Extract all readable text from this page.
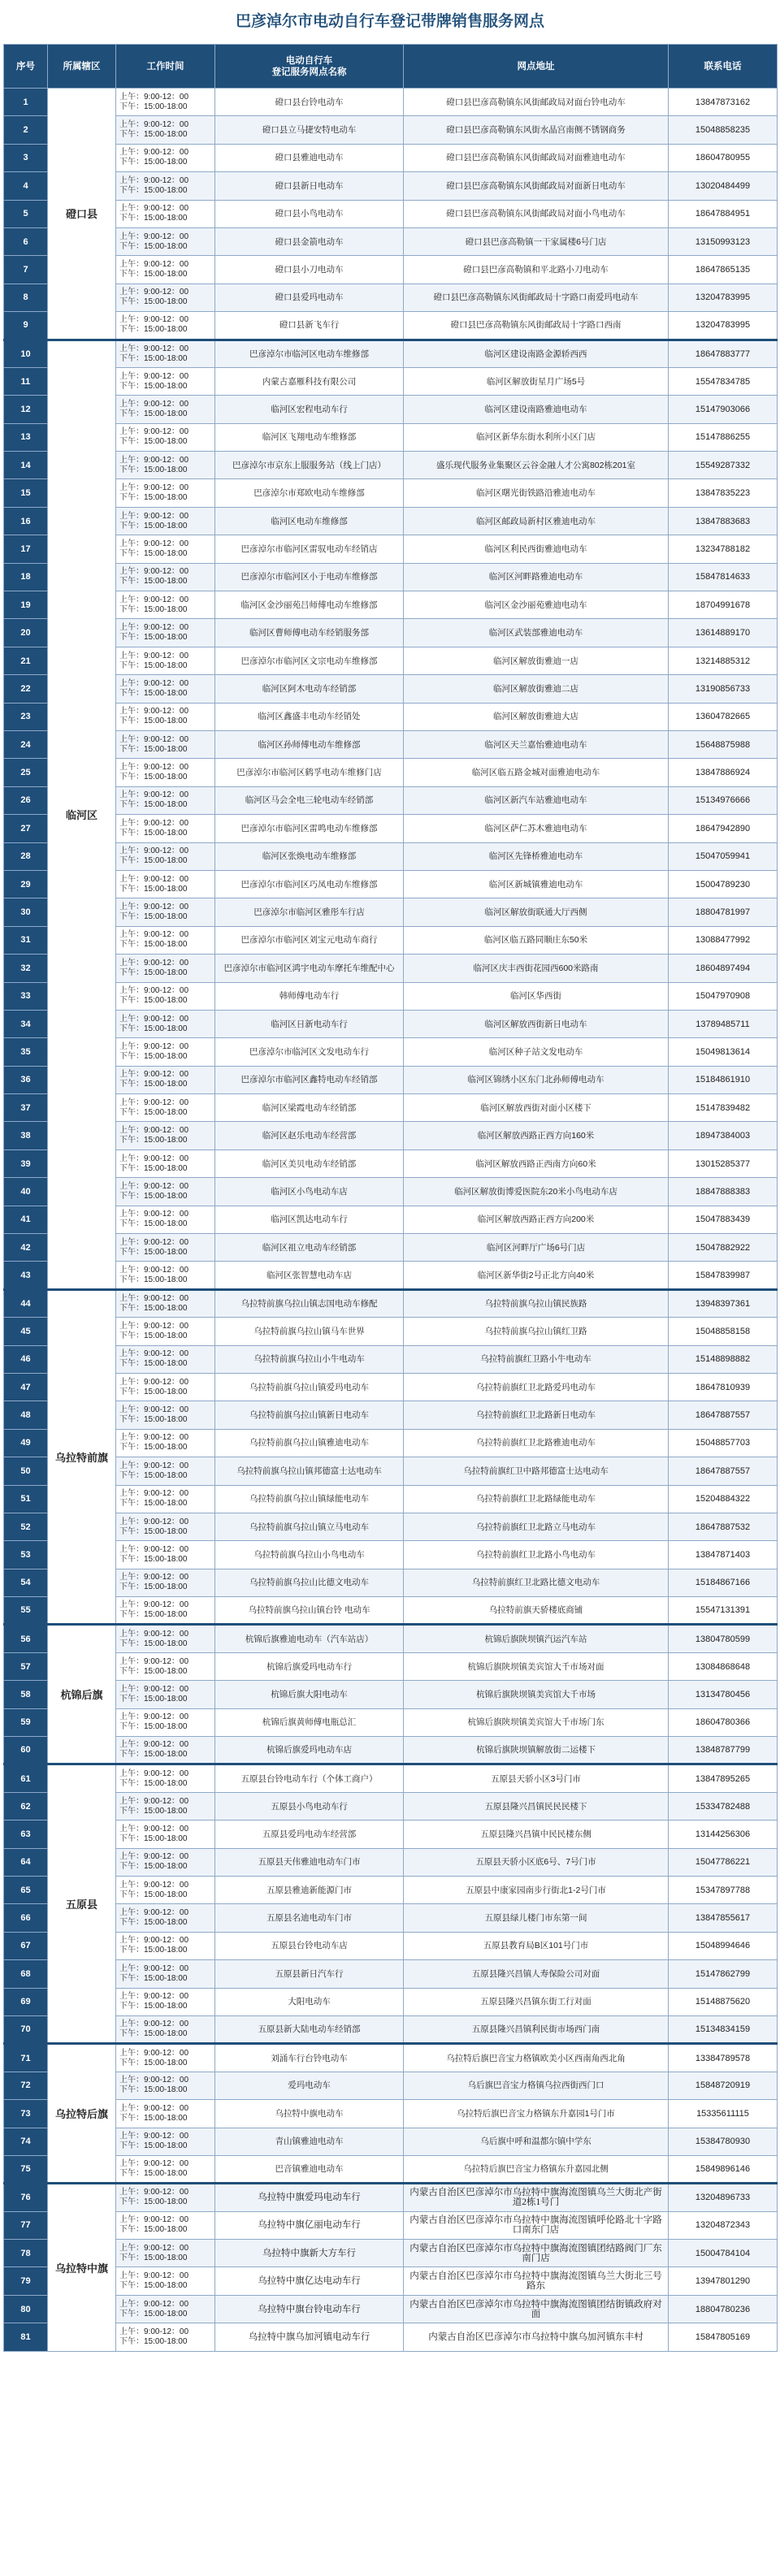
巴彦淖尔市电动自行车登记带牌销售服务网点
序号	所属辖区	工作时间	电动自行车
登记服务网点名称	网点地址	联系电话
1	磴口县	上午：9:00-12：00
下午：15:00-18:00	磴口县台铃电动车	磴口县巴彦高勒镇东风街邮政局对面台铃电动车	13847873162
2		上午：9:00-12：00
下午：15:00-18:00	磴口县立马捷安特电动车	磴口县巴彦高勒镇东风街水晶宫南侧不锈钢商务	15048858235
3		上午：9:00-12：00
下午：15:00-18:00	磴口县雅迪电动车	磴口县巴彦高勒镇东风街邮政局对面雅迪电动车	18604780955
4		上午：9:00-12：00
下午：15:00-18:00	磴口县新日电动车	磴口县巴彦高勒镇东风街邮政局对面新日电动车	13020484499
5		上午：9:00-12：00
下午：15:00-18:00	磴口县小鸟电动车	磴口县巴彦高勒镇东风街邮政局对面小鸟电动车	18647884951
6		上午：9:00-12：00
下午：15:00-18:00	磴口县金箭电动车	磴口县巴彦高勒镇一干家属楼6号门店	13150993123
7		上午：9:00-12：00
下午：15:00-18:00	磴口县小刀电动车	磴口县巴彦高勒镇和平北路小刀电动车	18647865135
8		上午：9:00-12：00
下午：15:00-18:00	磴口县爱玛电动车	磴口县巴彦高勒镇东风街邮政局十字路口南爱玛电动车	13204783995
9		上午：9:00-12：00
下午：15:00-18:00	磴口县新飞车行	磴口县巴彦高勒镇东风街邮政局十字路口西南	13204783995
10	临河区	上午：9:00-12：00
下午：15:00-18:00	巴彦淖尔市临河区电动车维修部	临河区建设南路金源轿西西	18647883777
11		上午：9:00-12：00
下午：15:00-18:00	内蒙古嘉雁科技有限公司	临河区解放街星月广场5号	15547834785
12		上午：9:00-12：00
下午：15:00-18:00	临河区宏程电动车行	临河区建设南路雅迪电动车	15147903066
13		上午：9:00-12：00
下午：15:00-18:00	临河区飞翔电动车维修部	临河区新华东街水利所小区门店	15147886255
14		上午：9:00-12：00
下午：15:00-18:00	巴彦淖尔市京东上服服务站（线上门店）	盛乐现代服务业集聚区云谷金融人才公寓802栋201室	15549287332
15		上午：9:00-12：00
下午：15:00-18:00	巴彦淖尔市郑欧电动车维修部	临河区曙光街铁路沿雅迪电动车	13847835223
16		上午：9:00-12：00
下午：15:00-18:00	临河区电动车维修部	临河区邮政局新村区雅迪电动车	13847883683
17		上午：9:00-12：00
下午：15:00-18:00	巴彦淖尔市临河区雷驭电动车经销店	临河区利民西街雅迪电动车	13234788182
18		上午：9:00-12：00
下午：15:00-18:00	巴彦淖尔市临河区小于电动车维修部	临河区河畔路雅迪电动车	15847814633
19		上午：9:00-12：00
下午：15:00-18:00	临河区金沙丽苑吕师傅电动车维修部	临河区金沙丽苑雅迪电动车	18704991678
20		上午：9:00-12：00
下午：15:00-18:00	临河区曹师傅电动车经销服务部	临河区武装部雅迪电动车	13614889170
21		上午：9:00-12：00
下午：15:00-18:00	巴彦淖尔市临河区文宗电动车维修部	临河区解放街雅迪一店	13214885312
22		上午：9:00-12：00
下午：15:00-18:00	临河区阿木电动车经销部	临河区解放街雅迪二店	13190856733
23		上午：9:00-12：00
下午：15:00-18:00	临河区鑫盛丰电动车经销处	临河区解放街雅迪大店	13604782665
24		上午：9:00-12：00
下午：15:00-18:00	临河区孙师傅电动车维修部	临河区天兰嘉怡雅迪电动车	15648875988
25		上午：9:00-12：00
下午：15:00-18:00	巴彦淖尔市临河区鹤孚电动车维修门店	临河区临五路金城对面雅迪电动车	13847886924
26		上午：9:00-12：00
下午：15:00-18:00	临河区马会全电三轮电动车经销部	临河区新汽车站雅迪电动车	15134976666
27		上午：9:00-12：00
下午：15:00-18:00	巴彦淖尔市临河区雷鸣电动车维修部	临河区萨仁苏木雅迪电动车	18647942890
28		上午：9:00-12：00
下午：15:00-18:00	临河区张焕电动车维修部	临河区先锋桥雅迪电动车	15047059941
29		上午：9:00-12：00
下午：15:00-18:00	巴彦淖尔市临河区巧凤电动车维修部	临河区新城镇雅迪电动车	15004789230
30		上午：9:00-12：00
下午：15:00-18:00	巴彦淖尔市临河区雅彤车行店	临河区解放街联通大厅西侧	18804781997
31		上午：9:00-12：00
下午：15:00-18:00	巴彦淖尔市临河区刘宝元电动车商行	临河区临五路同顺庄东50米	13088477992
32		上午：9:00-12：00
下午：15:00-18:00	巴彦淖尔市临河区鸿宇电动车摩托车维配中心	临河区庆丰西街花园西600米路南	18604897494
33		上午：9:00-12：00
下午：15:00-18:00	韩师傅电动车行	临河区华西街	15047970908
34		上午：9:00-12：00
下午：15:00-18:00	临河区日新电动车行	临河区解放西街新日电动车	13789485711
35		上午：9:00-12：00
下午：15:00-18:00	巴彦淖尔市临河区文发电动车行	临河区种子站文发电动车	15049813614
36		上午：9:00-12：00
下午：15:00-18:00	巴彦淖尔市临河区鑫特电动车经销部	临河区锦绣小区东门北孙师傅电动车	15184861910
37		上午：9:00-12：00
下午：15:00-18:00	临河区梁霞电动车经销部	临河区解放西街对面小区楼下	15147839482
38		上午：9:00-12：00
下午：15:00-18:00	临河区赵乐电动车经营部	临河区解放西路正西方向160米	18947384003
39		上午：9:00-12：00
下午：15:00-18:00	临河区美贝电动车经销部	临河区解放西路正西南方向60米	13015285377
40		上午：9:00-12：00
下午：15:00-18:00	临河区小鸟电动车店	临河区解放街博爱医院东20米小鸟电动车店	18847888383
41		上午：9:00-12：00
下午：15:00-18:00	临河区凯达电动车行	临河区解放西路正西方向200米	15047883439
42		上午：9:00-12：00
下午：15:00-18:00	临河区祖立电动车经销部	临河区河畔厅广场6号门店	15047882922
43		上午：9:00-12：00
下午：15:00-18:00	临河区张智慧电动车店	临河区新华街2号正北方向40米	15847839987
44	乌拉特前旗	上午：9:00-12：00
下午：15:00-18:00	乌拉特前旗乌拉山镇志国电动车修配	乌拉特前旗乌拉山镇民族路	13948397361
45		上午：9:00-12：00
下午：15:00-18:00	乌拉特前旗乌拉山镇马车世界	乌拉特前旗乌拉山镇红卫路	15048858158
46		上午：9:00-12：00
下午：15:00-18:00	乌拉特前旗乌拉山小牛电动车	乌拉特前旗红卫路小牛电动车	15148898882
47		上午：9:00-12：00
下午：15:00-18:00	乌拉特前旗乌拉山镇爱玛电动车	乌拉特前旗红卫北路爱玛电动车	18647810939
48		上午：9:00-12：00
下午：15:00-18:00	乌拉特前旗乌拉山镇新日电动车	乌拉特前旗红卫北路新日电动车	18647887557
49		上午：9:00-12：00
下午：15:00-18:00	乌拉特前旗乌拉山镇雅迪电动车	乌拉特前旗红卫北路雅迪电动车	15048857703
50		上午：9:00-12：00
下午：15:00-18:00	乌拉特前旗乌拉山镇邦德富士达电动车	乌拉特前旗红卫中路邦德富士达电动车	18647887557
51		上午：9:00-12：00
下午：15:00-18:00	乌拉特前旗乌拉山镇绿能电动车	乌拉特前旗红卫北路绿能电动车	15204884322
52		上午：9:00-12：00
下午：15:00-18:00	乌拉特前旗乌拉山镇立马电动车	乌拉特前旗红卫北路立马电动车	18647887532
53		上午：9:00-12：00
下午：15:00-18:00	乌拉特前旗乌拉山小鸟电动车	乌拉特前旗红卫北路小鸟电动车	13847871403
54		上午：9:00-12：00
下午：15:00-18:00	乌拉特前旗乌拉山比德文电动车	乌拉特前旗红卫北路比德文电动车	15184867166
55		上午：9:00-12：00
下午：15:00-18:00	乌拉特前旗乌拉山镇台铃 电动车	乌拉特前旗天骄楼底商铺	15547131391
56	杭锦后旗	上午：9:00-12：00
下午：15:00-18:00	杭锦后旗雅迪电动车（汽车站店）	杭锦后旗陕坝镇汽运汽车站	13804780599
57		上午：9:00-12：00
下午：15:00-18:00	杭锦后旗爱玛电动车行	杭锦后旗陕坝镇美宾馆大千市场对面	13084868648
58		上午：9:00-12：00
下午：15:00-18:00	杭锦后旗大阳电动车	杭锦后旗陕坝镇美宾馆大千市场	13134780456
59		上午：9:00-12：00
下午：15:00-18:00	杭锦后旗黄师傅电瓶总汇	杭锦后旗陕坝镇美宾馆大千市场门东	18604780366
60		上午：9:00-12：00
下午：15:00-18:00	杭锦后旗爱玛电动车店	杭锦后旗陕坝镇解放街二运楼下	13848787799
61	五原县	上午：9:00-12：00
下午：15:00-18:00	五原县台铃电动车行（个体工商户）	五原县天骄小区3号门市	13847895265
62		上午：9:00-12：00
下午：15:00-18:00	五原县小鸟电动车行	五原县隆兴昌镇民民民楼下	15334782488
63		上午：9:00-12：00
下午：15:00-18:00	五原县爱玛电动车经营部	五原县隆兴昌镇中民民楼东侧	13144256306
64		上午：9:00-12：00
下午：15:00-18:00	五原县天伟雅迪电动车门市	五原县天骄小区底6号、7号门市	15047786221
65		上午：9:00-12：00
下午：15:00-18:00	五原县雅迪新能源门市	五原县中康家园南步行街北1-2号门市	15347897788
66		上午：9:00-12：00
下午：15:00-18:00	五原县名迪电动车门市	五原县绿儿楼门市东第一间	13847855617
67		上午：9:00-12：00
下午：15:00-18:00	五原县台铃电动车店	五原县教育局B区101号门市	15048994646
68		上午：9:00-12：00
下午：15:00-18:00	五原县新日汽车行	五原县隆兴昌镇人寿保险公司对面	15147862799
69		上午：9:00-12：00
下午：15:00-18:00	大阳电动车	五原县隆兴昌镇东街工行对面	15148875620
70		上午：9:00-12：00
下午：15:00-18:00	五原县新大陆电动车经销部	五原县隆兴昌镇利民街市场西门南	15134834159
71	乌拉特后旗	上午：9:00-12：00
下午：15:00-18:00	刘涌车行台铃电动车	乌拉特后旗巴音宝力格镇欧美小区西南角西北角	13384789578
72		上午：9:00-12：00
下午：15:00-18:00	爱玛电动车	乌后旗巴音宝力格镇乌拉西街西门口	15848720919
73		上午：9:00-12：00
下午：15:00-18:00	乌拉特中旗电动车	乌拉特后旗巴音宝力格镇东升嘉园1号门市	15335611115
74		上午：9:00-12：00
下午：15:00-18:00	青山镇雅迪电动车	乌后旗中呼和温都尔镇中学东	15384780930
75		上午：9:00-12：00
下午：15:00-18:00	巴音镇雅迪电动车	乌拉特后旗巴音宝力格镇东升嘉园北侧	15849896146
76	乌拉特中旗	上午：9:00-12：00
下午：15:00-18:00	乌拉特中旗爱玛电动车行	内蒙古自治区巴彦淖尔市乌拉特中旗海流图镇乌兰大街北产街道2栋1号门	13204896733
77		上午：9:00-12：00
下午：15:00-18:00	乌拉特中旗亿丽电动车行	内蒙古自治区巴彦淖尔市乌拉特中旗海流图镇呼伦路北十字路口南东门店	13204872343
78		上午：9:00-12：00
下午：15:00-18:00	乌拉特中旗新大方车行	内蒙古自治区巴彦淖尔市乌拉特中旗海流图镇团结路阀门厂东南门店	15004784104
79		上午：9:00-12：00
下午：15:00-18:00	乌拉特中旗亿达电动车行	内蒙古自治区巴彦淖尔市乌拉特中旗海流图镇乌兰大街北三号路东	13947801290
80		上午：9:00-12：00
下午：15:00-18:00	乌拉特中旗台铃电动车行	内蒙古自治区巴彦淖尔市乌拉特中旗海流图镇团结街镇政府对面	18804780236
81		上午：9:00-12：00
下午：15:00-18:00	乌拉特中旗乌加河镇电动车行	内蒙古自治区巴彦淖尔市乌拉特中旗乌加河镇东丰村	15847805169
